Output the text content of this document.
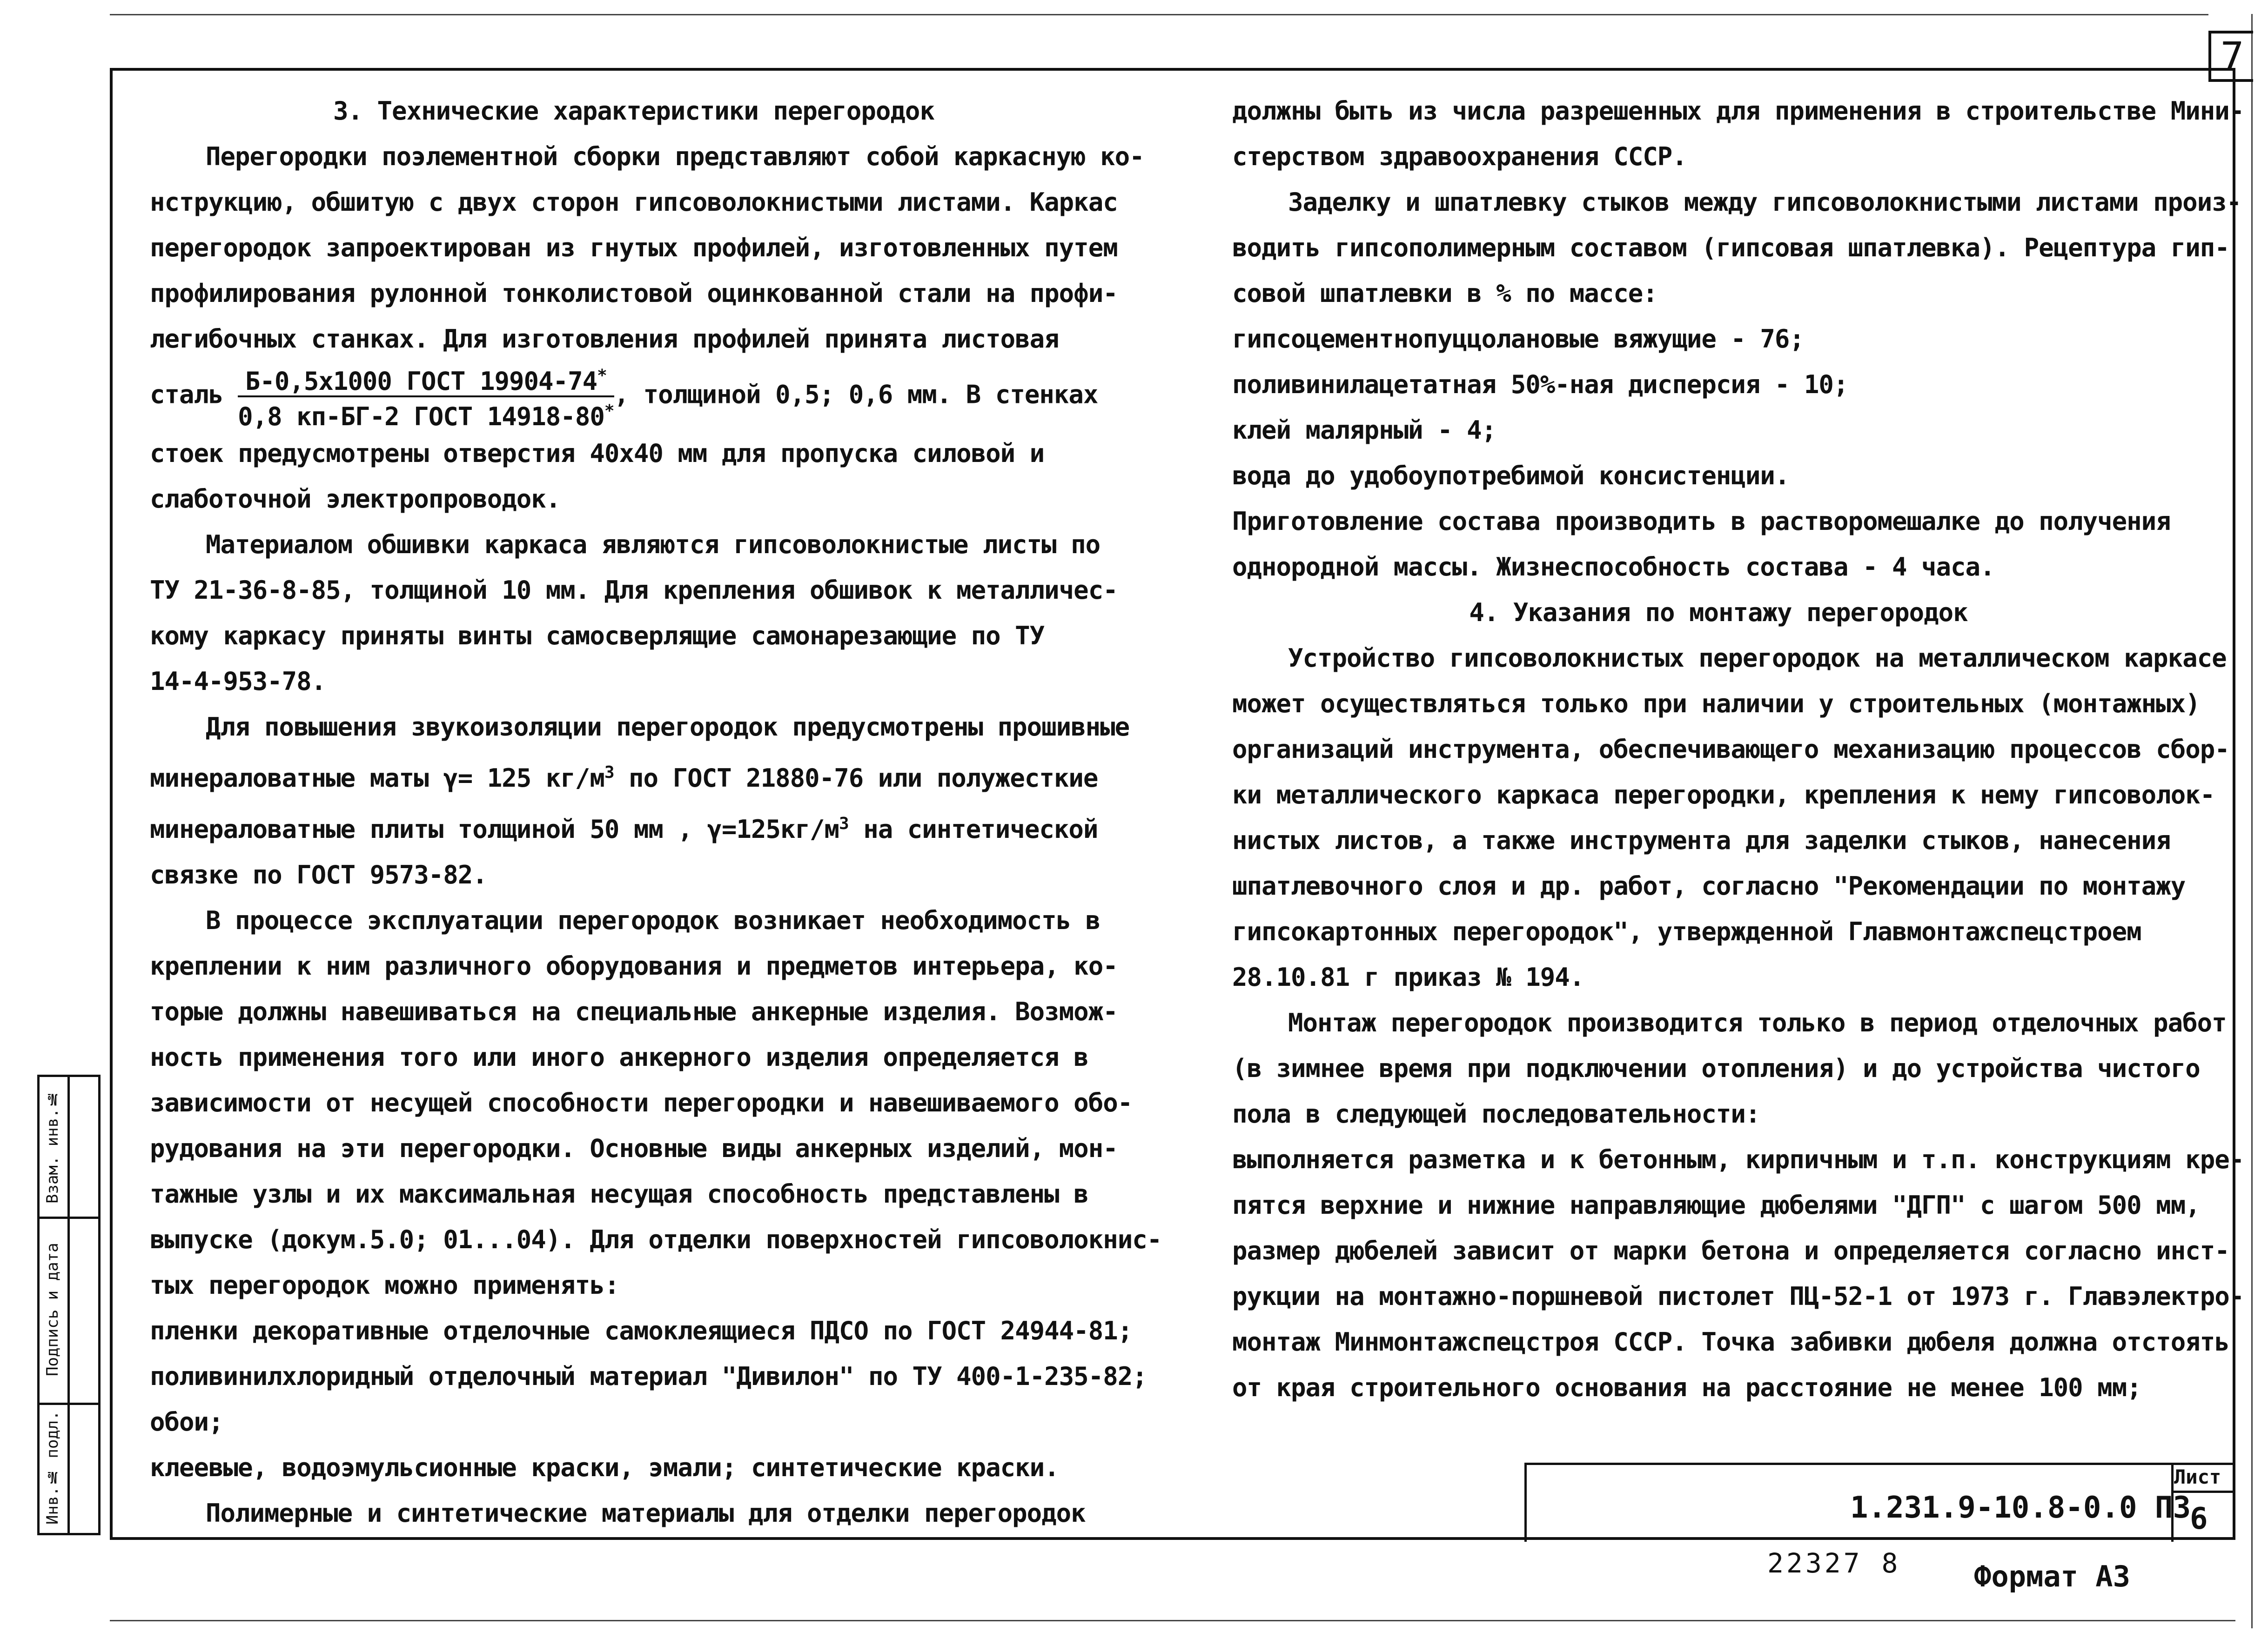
7

3. Технические характеристики перегородок

Перегородки поэлементной сборки представляют собой каркасную ко-

нструкцию, обшитую с двух сторон гипсоволокнистыми листами. Каркас

перегородок запроектирован из гнутых профилей, изготовленных путем

профилирования рулонной тонколистовой оцинкованной стали на профи-

легибочных станках. Для изготовления профилей принята листовая

сталь $\frac{Б-0,5х1000 ГОСТ 19904-74^*}{0,8 кп-БГ-2 ГОСТ 14918-80^*}$ , толщиной 0,5; 0,6 мм. В стенках

стоек предусмотрены отверстия 40х40 мм для пропуска силовой и

слаботочной электропроводок.

Материалом обшивки каркаса являются гипсоволокнистые листы по

ТУ 21-36-8-85, толщиной 10 мм. Для крепления обшивок к металличес-

кому каркасу приняты винты самосверлящие самонарезающие по ТУ

14-4-953-78.

Для повышения звукоизоляции перегородок предусмотрены прошивные

минераловатные маты γ= 125 $кг/м^3$ по ГОСТ 21880-76 или полужесткие

минераловатные плиты толщиной 50 мм , $\gamma=125кг/м^3$ на синтетической

связке по ГОСТ 9573-82.

В процессе эксплуатации перегородок возникает необходимость в

креплении к ним различного оборудования и предметов интерьера, ко-

торые должны навешиваться на специальные анкерные изделия. Возмож-

ность применения того или иного анкерного изделия определяется в

зависимости от несущей способности перегородки и навешиваемого обо-

рудования на эти перегородки. Основные виды анкерных изделий, мон-

тажные узлы и их максимальная несущая способность представлены в

выпуске (докум.5.0; 01...04). Для отделки поверхностей гипсоволокнис-

тых перегородок можно применять:

пленки декоративные отделочные самоклеящиеся ПДСО по ГОСТ 24944-81;

поливинилхлоридный отделочный материал "Дивилон" по ТУ 400-1-235-82;

обои;

клеевые, водоэмульсионные краски, эмали; синтетические краски.

Полимерные и синтетические материалы для отделки перегородок

должны быть из числа разрешенных для применения в строительстве Мини-

стерством здравоохранения СССР.

Заделку и шпатлевку стыков между гипсоволокнистыми листами произ-

водить гипсополимерным составом (гипсовая шпатлевка). Рецептура гип-

совой шпатлевки в % по массе:

гипсоцементнопуццолановые вяжущие - 76;

поливинилацетатная 50%-ная дисперсия - 10;

клей малярный - 4;

вода до удобоупотребимой консистенции.

Приготовление состава производить в растворомешалке до получения

однородной массы. Жизнеспособность состава - 4 часа.

4. Указания по монтажу перегородок

Устройство гипсоволокнистых перегородок на металлическом каркасе

может осуществляться только при наличии у строительных (монтажных)

организаций инструмента, обеспечивающего механизацию процессов сбор-

ки металлического каркаса перегородки, крепления к нему гипсоволок-

нистых листов, а также инструмента для заделки стыков, нанесения

шпатлевочного слоя и др. работ, согласно "Рекомендации по монтажу

гипсокартонных перегородок", утвержденной Главмонтажспецстроем

28.10.81 г приказ № 194.

Монтаж перегородок производится только в период отделочных работ

(в зимнее время при подключении отопления) и до устройства чистого

пола в следующей последовательности:

выполняется разметка и к бетонным, кирпичным и т.п. конструкциям кре-

пятся верхние и нижние направляющие дюбелями "ДГП" с шагом 500 мм,

размер дюбелей зависит от марки бетона и определяется согласно инст-

рукции на монтажно-поршневой пистолет ПЦ-52-1 от 1973 г. Главэлектро-

монтаж Минмонтажспецстроя СССР. Точка забивки дюбеля должна отстоять

от края строительного основания на расстояние не менее 100 мм;

1.231.9-10.8-0.0 ПЗ
Лист
6
22327 8	Формат А3
Взам. инв.№
Подпись и дата
Инв.№ подл.
